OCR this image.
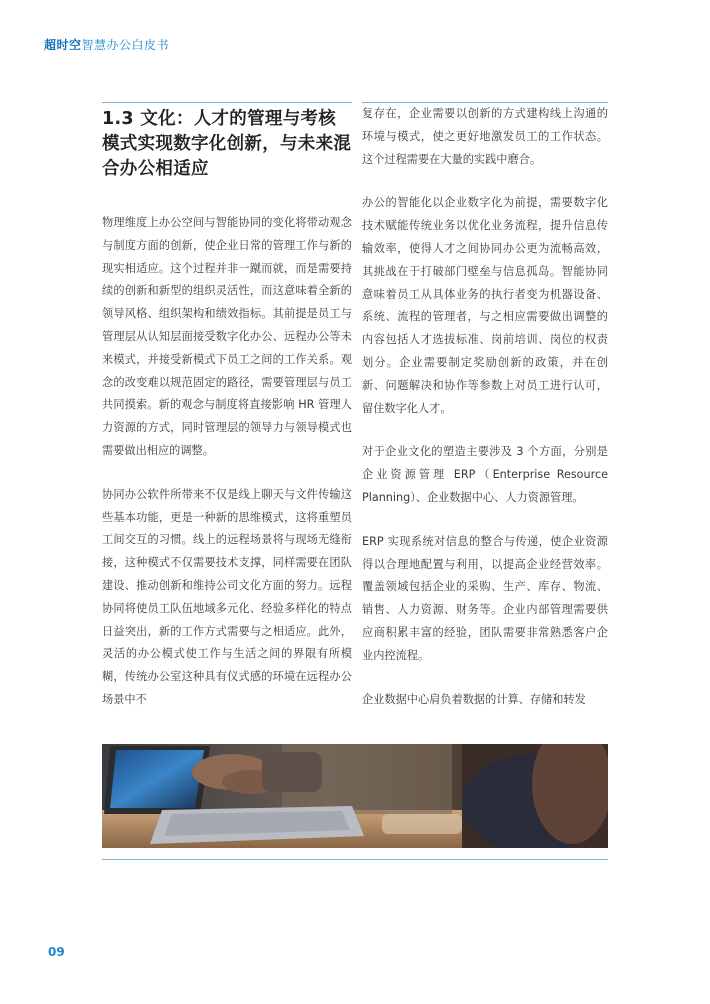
超时空智慧办公白皮书
1.3 文化：人才的管理与考核模式实现数字化创新，与未来混合办公相适应

物理维度上办公空间与智能协同的变化将带动观念与制度方面的创新，使企业日常的管理工作与新的现实相适应。这个过程并非一蹴而就，而是需要持续的创新和新型的组织灵活性，而这意味着全新的领导风格、组织架构和绩效指标。其前提是员工与管理层从认知层面接受数字化办公、远程办公等未来模式，并接受新模式下员工之间的工作关系。观念的改变难以规范固定的路径，需要管理层与员工共同摸索。新的观念与制度将直接影响 HR 管理人力资源的方式，同时管理层的领导力与领导模式也需要做出相应的调整。

协同办公软件所带来不仅是线上聊天与文件传输这些基本功能，更是一种新的思维模式，这将重塑员工间交互的习惯。线上的远程场景将与现场无缝衔接，这种模式不仅需要技术支撑，同样需要在团队建设、推动创新和维持公司文化方面的努力。远程协同将使员工队伍地域多元化、经验多样化的特点日益突出，新的工作方式需要与之相适应。此外，灵活的办公模式使工作与生活之间的界限有所模糊，传统办公室这种具有仪式感的环境在远程办公场景中不

复存在，企业需要以创新的方式建构线上沟通的环境与模式，使之更好地激发员工的工作状态。这个过程需要在大量的实践中磨合。

办公的智能化以企业数字化为前提，需要数字化技术赋能传统业务以优化业务流程，提升信息传输效率，使得人才之间协同办公更为流畅高效，其挑战在于打破部门壁垒与信息孤岛。智能协同意味着员工从具体业务的执行者变为机器设备、系统、流程的管理者，与之相应需要做出调整的内容包括人才选拔标准、岗前培训、岗位的权责划分。企业需要制定奖励创新的政策，并在创新、问题解决和协作等参数上对员工进行认可，留住数字化人才。

对于企业文化的塑造主要涉及 3 个方面，分别是企业资源管理 ERP（Enterprise Resource Planning）、企业数据中心、人力资源管理。

ERP 实现系统对信息的整合与传递，使企业资源得以合理地配置与利用，以提高企业经营效率。覆盖领域包括企业的采购、生产、库存、物流、销售、人力资源、财务等。企业内部管理需要供应商积累丰富的经验，团队需要非常熟悉客户企业内控流程。

企业数据中心肩负着数据的计算、存储和转发

09
